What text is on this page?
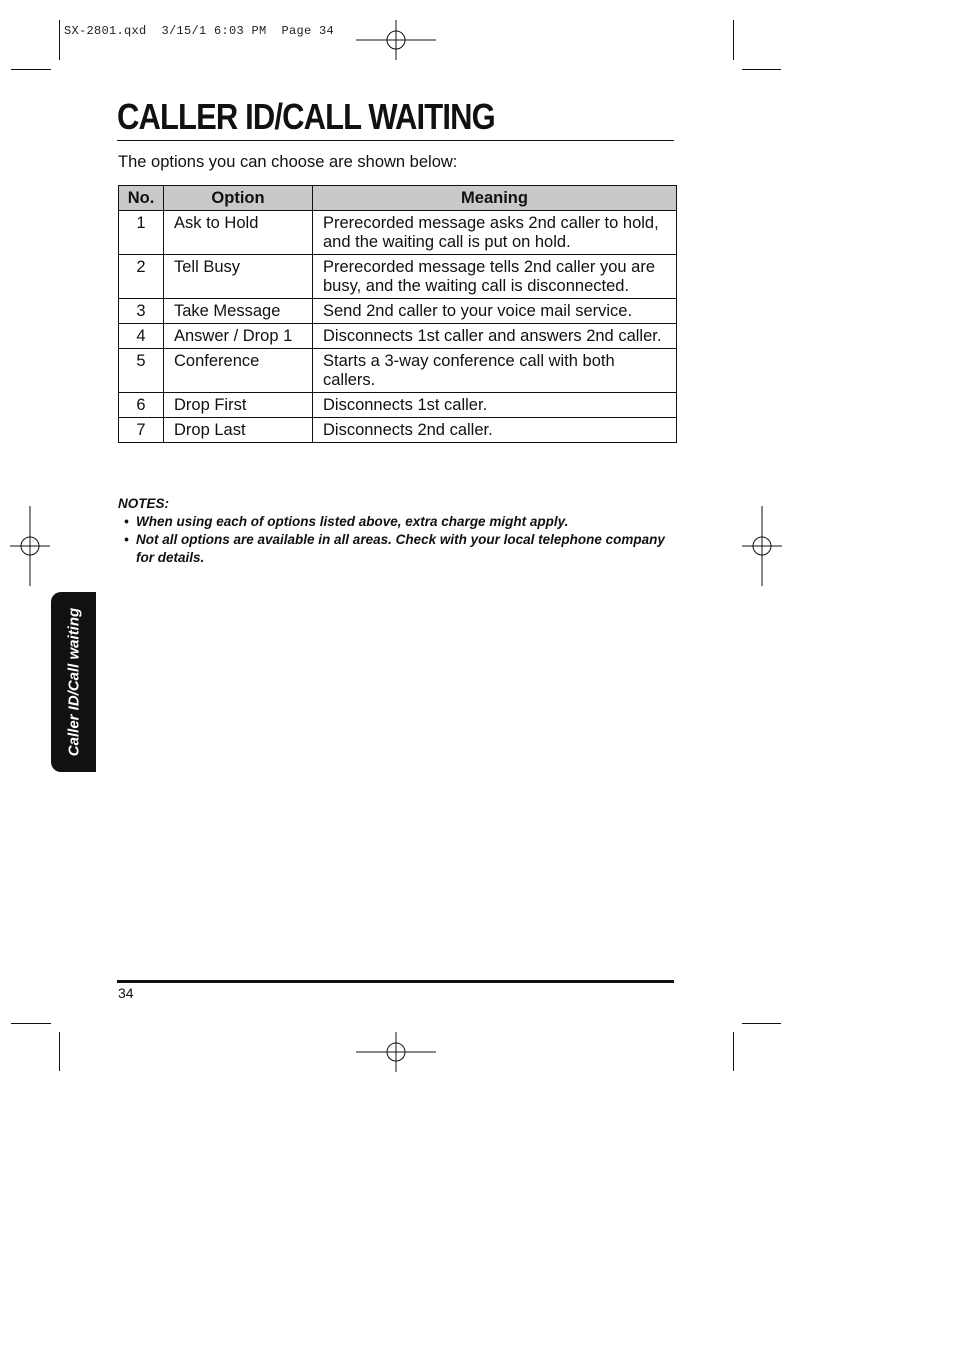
SX-2801.qxd  3/15/1 6:03 PM  Page 34
CALLER ID/CALL WAITING
The options you can choose are shown below:
No.	Option	Meaning
1	Ask to Hold	Prerecorded message asks 2nd caller to hold, and the waiting call is put on hold.
2	Tell Busy	Prerecorded message tells 2nd caller you are busy, and the waiting call is disconnected.
3	Take Message	Send 2nd caller to your voice mail service.
4	Answer / Drop 1	Disconnects 1st caller and answers 2nd caller.
5	Conference	Starts a 3-way conference call with both callers.
6	Drop First	Disconnects 1st caller.
7	Drop Last	Disconnects 2nd caller.
NOTES:
• When using each of options listed above, extra charge might apply.
• Not all options are available in all areas. Check with your local telephone company for details.
Caller ID/Call waiting
34
